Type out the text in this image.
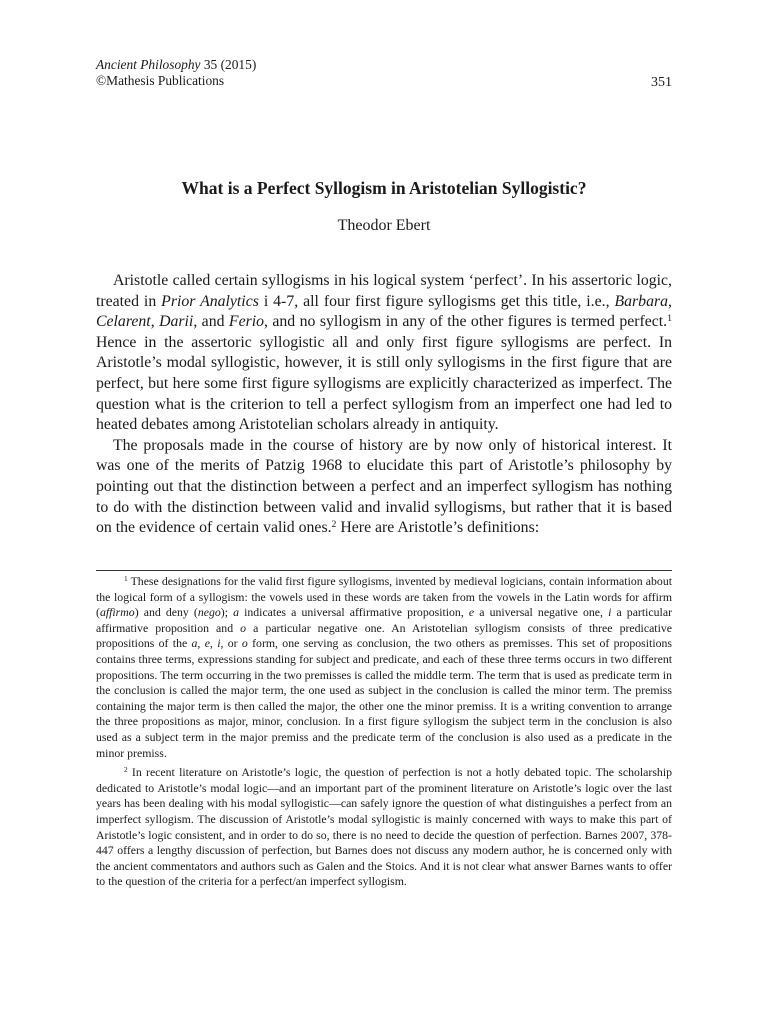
Ancient Philosophy 35 (2015)
©Mathesis Publications	351
What is a Perfect Syllogism in Aristotelian Syllogistic?
Theodor Ebert

Aristotle called certain syllogisms in his logical system ‘perfect’. In his assertoric logic, treated in Prior Analytics i 4-7, all four first figure syllogisms get this title, i.e., Barbara, Celarent, Darii, and Ferio, and no syllogism in any of the other figures is termed perfect.$^1$ Hence in the assertoric syllogistic all and only first figure syllogisms are perfect. In Aristotle’s modal syllogistic, however, it is still only syllogisms in the first figure that are perfect, but here some first figure syllogisms are explicitly characterized as imperfect. The question what is the criterion to tell a perfect syllogism from an imperfect one had led to heated debates among Aristotelian scholars already in antiquity.

The proposals made in the course of history are by now only of historical interest. It was one of the merits of Patzig 1968 to elucidate this part of Aristotle’s philosophy by pointing out that the distinction between a perfect and an imperfect syllogism has nothing to do with the distinction between valid and invalid syllogisms, but rather that it is based on the evidence of certain valid ones.$^2$ Here are Aristotle’s definitions:

$^1$ These designations for the valid first figure syllogisms, invented by medieval logicians, contain information about the logical form of a syllogism: the vowels used in these words are taken from the vowels in the Latin words for affirm (affirmo) and deny (nego); a indicates a universal affirmative proposition, e a universal negative one, i a particular affirmative proposition and o a particular negative one. An Aristotelian syllogism consists of three predicative propositions of the a, e, i, or o form, one serving as conclusion, the two others as premisses. This set of propositions contains three terms, expressions standing for subject and predicate, and each of these three terms occurs in two different propositions. The term occurring in the two premisses is called the middle term. The term that is used as predicate term in the conclusion is called the major term, the one used as subject in the conclusion is called the minor term. The premiss containing the major term is then called the major, the other one the minor premiss. It is a writing convention to arrange the three propositions as major, minor, conclusion. In a first figure syllogism the subject term in the conclusion is also used as a subject term in the major premiss and the predicate term of the conclusion is also used as a predicate in the minor premiss.

$^2$ In recent literature on Aristotle’s logic, the question of perfection is not a hotly debated topic. The scholarship dedicated to Aristotle’s modal logic—and an important part of the prominent literature on Aristotle’s logic over the last years has been dealing with his modal syllogistic—can safely ignore the question of what distinguishes a perfect from an imperfect syllogism. The discussion of Aristotle’s modal syllogistic is mainly concerned with ways to make this part of Aristotle’s logic consistent, and in order to do so, there is no need to decide the question of perfection. Barnes 2007, 378-447 offers a lengthy discussion of perfection, but Barnes does not discuss any modern author, he is concerned only with the ancient commentators and authors such as Galen and the Stoics. And it is not clear what answer Barnes wants to offer to the question of the criteria for a perfect/an imperfect syllogism.
